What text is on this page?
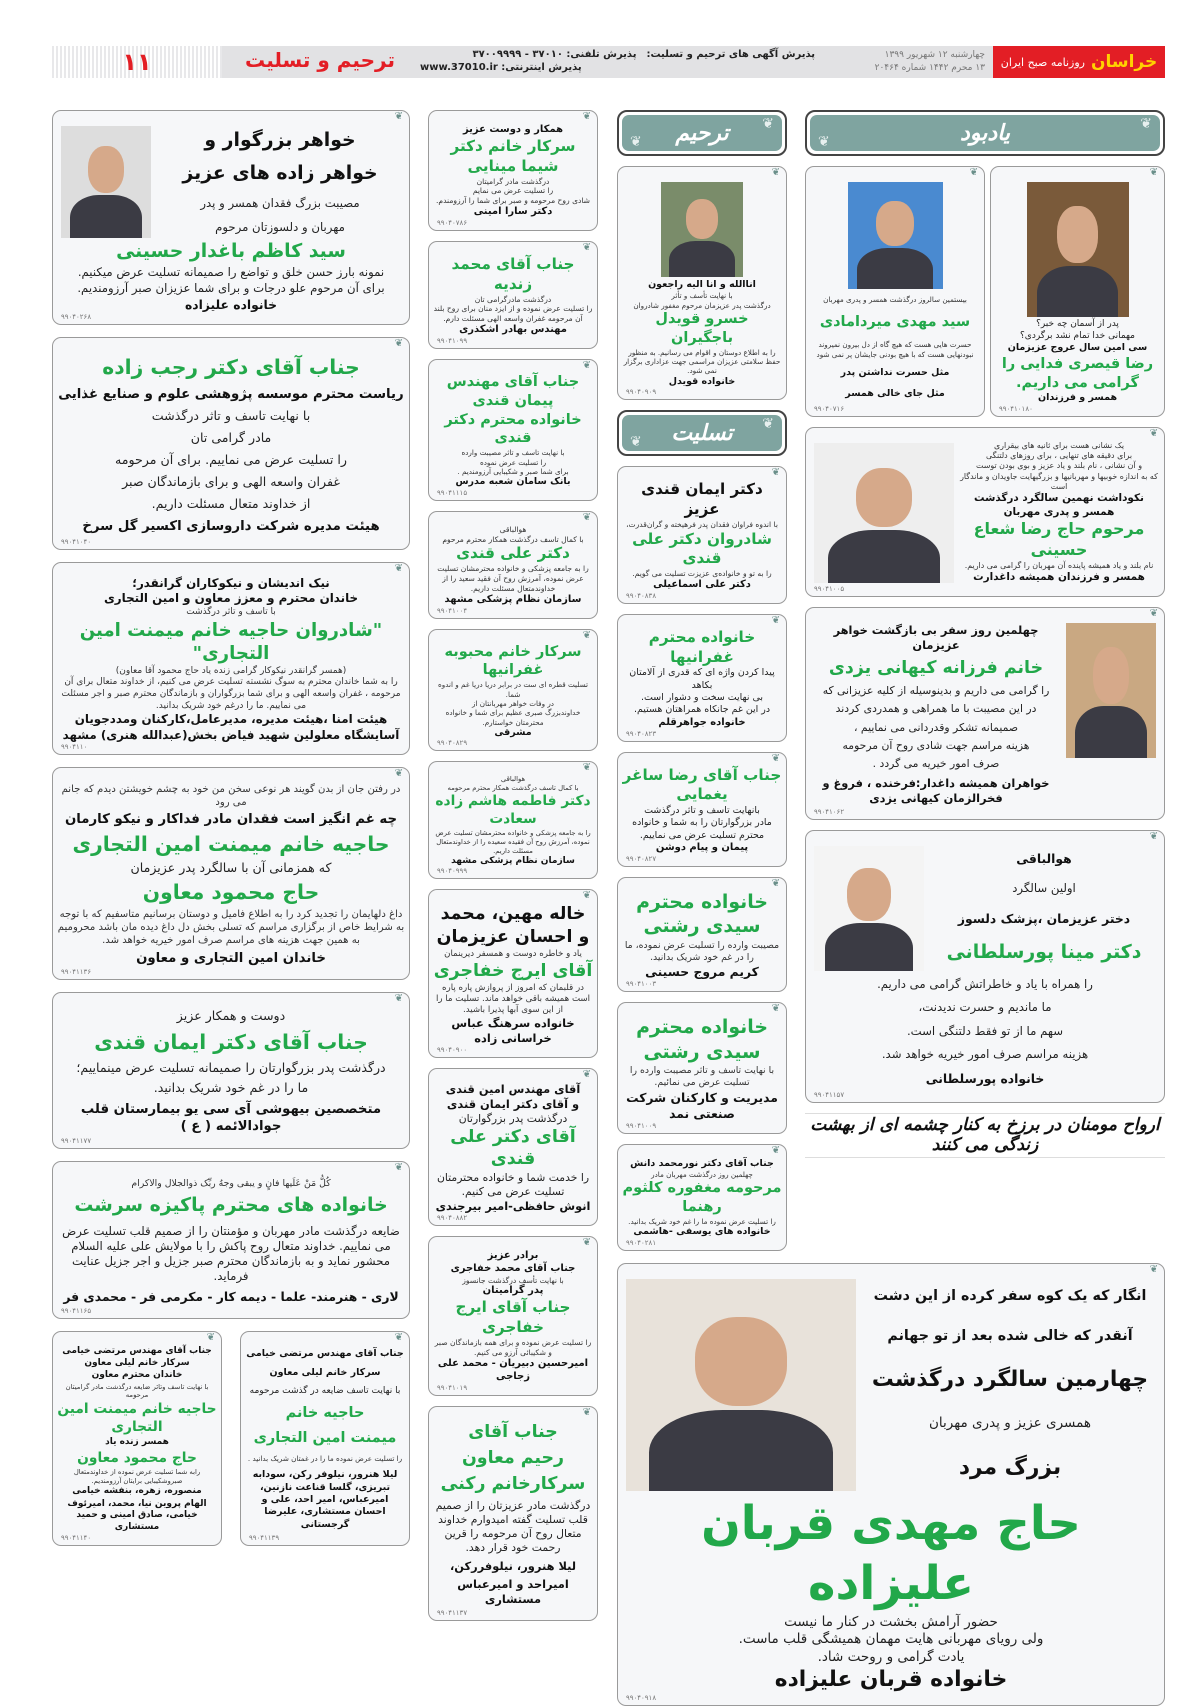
۱۱	ترحیم و تسلیت	پذیرش آگهی های ترحیم و تسلیت:
پذیرش تلفنی: ۳۷۰۱۰ - ۳۷۰۰۹۹۹۹
پذیرش اینترنتی: www.37010.ir
چهارشنبه ۱۲ شهریور ۱۳۹۹
۱۳ محرم ۱۴۴۲ شماره ۲۰۴۶۴	خراسان
روزنامه صبح ایران
خواهر بزرگوار و
خواهر زاده های عزیز
مصیبت بزرگ فقدان همسر و پدر
مهربان و دلسوزتان مرحوم
سید کاظم باغدار حسینی
نمونه بارز حسن خلق و تواضع را صمیمانه تسلیت عرض میکنیم.
برای آن مرحوم علو درجات و برای شما عزیزان صبر آرزومندیم.
خانواده علیزاده
❦
۹۹۰۴۰۲۶۸
جناب آقای دکتر رجب زاده
ریاست محترم موسسه پژوهشی علوم و صنایع غذایی
با نهایت تاسف و تاثر درگذشت
مادر گرامی تان
را تسلیت عرض می نماییم. برای آن مرحومه
غفران واسعه الهی و برای بازماندگان صبر
از خداوند متعال مسئلت داریم.
هیئت مدیره شرکت داروسازی اکسیر گل سرخ
❦
۹۹۰۴۱۰۴۰
نیک اندیشان و نیکوکاران گرانقدر؛
خاندان محترم و معزز معاون و امین التجاری
با تاسف و تاثر درگذشت
"شادروان حاجیه خانم میمنت امین التجاری"
(همسر گرانقدر نیکوکار گرامی زنده یاد حاج محمود آقا معاون)
را به شما خاندان محترم به سوگ نشسته تسلیت عرض می کنیم، از خداوند متعال برای آن مرحومه ، غفران واسعه الهی و برای شما بزرگواران و بازماندگان محترم صبر و اجر مسئلت می نماییم. ما را درغم خود شریک بدانید.
هیئت امنا ،هیئت مدیره، مدیرعامل،کارکنان ومددجویان
آسایشگاه معلولین شهید فیاض بخش(عبدالله هنری) مشهد
❦
۹۹۰۴۱۱۰
در رفتن جان از بدن گویند هر نوعی سخن من خود به چشم خویشتن دیدم که جانم می رود
چه غم انگیز است فقدان مادر فداکار و نیکو کارمان
حاجیه خانم میمنت امین التجاری
که همزمانی آن با سالگرد پدر عزیزمان
حاج محمود معاون
داغ دلهایمان را تجدید کرد را به اطلاع فامیل و دوستان برسانیم متاسفیم که با توجه به شرایط خاص از برگزاری مراسم که تسلی بخش دل داغ دیده مان باشد محرومیم به همین جهت هزینه های مراسم صرف امور خیریه خواهد شد.
خاندان امین التجاری و معاون
❦
۹۹۰۴۱۱۳۶
دوست و همکار عزیز
جناب آقای دکتر ایمان قندی
درگذشت پدر بزرگوارتان را صمیمانه تسلیت عرض مینماییم؛
ما را در غم خود شریک بدانید.
متخصصین بیهوشی آی سی یو بیمارستان قلب جوادالائمه ( ع )
❦
۹۹۰۴۱۱۷۷
کُلُّ مَنْ عَلَيها فانٍ و يبقى وجهُ ربِّک ذوالجلال والاکرام
خانواده های محترم پاکیزه سرشت
ضایعه درگذشت مادر مهربان و مؤمنتان را از صمیم قلب تسلیت عرض می نماییم. خداوند متعال روح پاکش را با مولایش علی علیه السلام محشور نماید و به بازماندگان محترم صبر جزیل و اجر جزیل عنایت فرماید.
لاری - هنرمند- علما - دیمه کار - مکرمی فر - محمدی فر
❦
۹۹۰۴۱۱۶۵
جناب آقای مهندس مرتضی خیامی
سرکار خانم لیلی معاون
خاندان محترم معاون
با نهایت تاسف وتاثر ضایعه درگذشت مادر گرامیتان مرحومه
حاجیه خانم میمنت امین التجاری
همسر زنده یاد
حاج محمود معاون
رابه شما تسلیت عرض نموده از خداوندمتعال صبروشکیبایی برایتان آرزومندیم.
منصوره، زهره، بنفشه خیامی
الهام پروین نیا، محمد، امیرئوف خیامی، صادق امینی و حمید مستشاری
❦
۹۹۰۴۱۱۴۰
جناب آقای مهندس مرتضی خیامی
سرکار خانم لیلی معاون
با نهایت تاسف ضایعه در گذشت مرحومه
حاجیه خانم
میمنت امین التجاری
را تسلیت عرض نموده ما را در غمتان شریک بدانید .
لیلا هنرور، نیلوفر رکن، سودابه تبریزی، گلسا قناعت نازنین، امیرعباس، امیر احد، علی و احسان مستشاری، علیرضا گرجستانی
❦
۹۹۰۴۱۱۳۹
همکار و دوست عزیز
سرکار خانم دکتر شیما مینایی
درگذشت مادر گرامیتان
را تسلیت عرض می نمایم
شادی روح مرحومه و صبر برای شما را آرزومندم.
دکتر سارا امینی
❦
۹۹۰۴۰۷۸۶
جناب آقای محمد زندیه
درگذشت مادرگرامی تان
را تسلیت عرض نموده و از ایزد منان برای روح بلند آن مرحومه غفران واسعه الهی مسئلت دارم.
مهندس بهادر اشکذری
❦
۹۹۰۴۱۰۹۹
جناب آقای مهندس پیمان قندی
خانواده محترم دکتر قندی
با نهایت تاسف و تاثر مصیبت وارده
را تسلیت عرض نموده
برای شما صبر و شکیبایی آرزومندیم .
بانک سامان شعبه مدرس
❦
۹۹۰۴۱۱۱۵
هوالباقی
با کمال تاسف درگذشت همکار محترم مرحوم
دکتر علی قندی
را به جامعه پزشکی و خانواده محترمشان تسلیت عرض نموده، آمرزش روح آن فقید سعید را از خداوندمتعال مسئلت داریم.
سازمان نظام پزشکی مشهد
❦
۹۹۰۴۱۰۰۴
سرکار خانم محبوبه غفرانیها
تسلیت قطره ای ست در برابر دریا دریا غم و اندوه شما.
در وفات خواهر مهربانتان از
خداوندبزرگ صبری عظیم برای شما و خانواده محترمتان خواستارم.
مشرقی
❦
۹۹۰۴۰۸۲۹
هوالباقی
با کمال تاسف درگذشت همکار محترم مرحومه
دکتر فاطمه هاشم زاده سعادت
را به جامعه پزشکی و خانواده محترمشان تسلیت عرض نموده، آمرزش روح آن فقیده سعیده را از خداوندمتعال مسئلت داریم.
سازمان نظام پزشکی مشهد
❦
۹۹۰۴۰۹۹۹
خاله مهین، محمد
و احسان عزیزمان
یاد و خاطره دوست و همسفر دیرینمان
آقای ایرج خفاجری
در قلبمان که امروز از پروازش پاره پاره است همیشه باقی خواهد ماند. تسلیت ما را از این سوی آبها پذیرا باشید.
خانواده سرهنگ عباس خراسانی زاده
❦
۹۹۰۴۰۹۰۰
آقای مهندس امین قندی
و آقای دکتر ایمان قندی
درگذشت پدر بزرگوارتان
آقای دکتر علی قندی
را خدمت شما و خانواده محترمتان
تسلیت عرض می کنیم.
انوش حافظی-امیر بیرجندی
❦
۹۹۰۴۰۸۸۲
برادر عزیز
جناب آقای محمد خفاجری
با نهایت تأسف درگذشت جانسوز
پدر گرامیتان
جناب آقای ایرج خفاجری
را تسلیت عرض نموده و برای همه بازماندگان صبر و شکیبائی آرزو می کنیم.
امیرحسین دبیریان - محمد علی زجاجی
❦
۹۹۰۴۱۰۱۹
جناب آقای
رحیم معاون
سرکارخانم رکنی
درگذشت مادر عزیزتان را از صمیم قلب تسلیت گفته امیدوارم خداوند متعال روح آن مرحومه را قرین رحمت خود قرار دهد.
لیلا هنرور، نیلوفررکن،
امیراحد و امیرعباس مستشاری
❦
۹۹۰۴۱۱۳۷
❦
ترحیم
❦
اناالله و انا الیه راجعون
با نهایت تأسف و تأثر
درگذشت پدر عزیزمان مرحوم مغفور شادروان
خسرو قویدل باجگیران
را به اطلاع دوستان و اقوام می رسانیم. به منظور حفظ سلامتی عزیزان مراسمی جهت عزاداری برگزار نمی شود.
خانواده قویدل
❦
۹۹۰۴۰۹۰۹
❦
تسلیت
❦
دکتر ایمان قندی عزیز
با اندوه فراوان فقدان پدر فرهیخته و گران‌قدرت،
شادروان دکتر علی قندی
را به تو و خانواده‌ی عزیزت تسلیت می گویم.
دکتر علی اسماعیلی
❦
۹۹۰۴۰۸۳۸
خانواده محترم غفرانیها
پیدا کردن واژه ای که قدری از آلامتان بکاهد
بی نهایت سخت و دشوار است.
در این غم جانکاه همراهتان هستیم.
خانواده جواهرقلم
❦
۹۹۰۴۰۸۲۳
جناب آقای رضا ساغر یغمایی
بانهایت تاسف و تاثر درگذشت
مادر بزرگوارتان را به شما و خانواده
محترم تسلیت عرض می نماییم.
پیمان و پیام دوشن
❦
۹۹۰۴۰۸۲۷
خانواده محترم
سیدی رشتی
مصیبت وارده را تسلیت عرض نموده، ما را در غم خود شریک بدانید.
کریم مروج حسینی
❦
۹۹۰۴۱۰۰۳
خانواده محترم
سیدی رشتی
با نهایت تاسف و تاثر مصیبت وارده را تسلیت عرض می نمائیم.
مدیریت و کارکنان شرکت صنعتی نمد
❦
۹۹۰۴۱۰۰۹
جناب آقای دکتر نورمحمد دانش
چهلمین روز درگذشت مهربان مادر
مرحومه مغفوره کلثوم رهنما
را تسلیت عرض نموده ما را غم خود شریک بدانید.
خانواده های یوسفی -هاشمی
❦
۹۹۰۴۰۲۸۱
❦
یادبود
❦
بیستمین سالروز درگذشت همسر و پدری مهربان
سید مهدی میردامادی
حسرت هایی هست که هیچ گاه از دل بیرون نمیروند نبودنهایی هست که با هیچ بودنی جایشان پر نمی شود
مثل حسرت نداشتن پدر
مثل جای خالی همسر
❦
۹۹۰۴۰۷۱۶
پدر از آسمان چه خبر؟
مهمانی خدا تمام نشد برگردی؟
سی امین سال عروج عزیزمان
رضا قیصری فدایی را گرامی می داریم.
همسر و فرزندان
❦
۹۹۰۴۱۰۱۸۰
یک نشانی هست برای ثانیه های بیقراری
برای دقیقه های تنهایی ، برای روزهای دلتنگی
و آن نشانی ، نام بلند و یاد عزیز و بوی بودن توست
که به اندازه خوبیها و مهربانیها و بزرگیهایت جاویدان و ماندگار است
نکوداشت نهمین سالگرد درگذشت همسر و پدری مهربان
مرحوم حاج رضا شعاع حسینی
نام بلند و یاد همیشه پاینده آن مهربان را گرامی می داریم.
همسر و فرزندان همیشه داغدارت
❦
۹۹۰۴۱۰۰۵
چهلمین روز سفر بی بازگشت خواهر عزیزمان
خانم فرزانه کیهانی یزدی
را گرامی می داریم و بدینوسیله از کلیه عزیزانی که
در این مصیبت با ما همراهی و همدردی کردند
صمیمانه تشکر وقدردانی می نماییم ،
هزینه مراسم جهت شادی روح آن مرحومه
صرف امور خیریه می گردد .
خواهران همیشه داغدار:فرخنده ، فروغ و فخرالزمان کیهانی یزدی
❦
۹۹۰۴۱۰۶۲
هوالباقی
اولین سالگرد
دختر عزیزمان ،پزشک دلسوز
دکتر مینا پورسلطانی
را همراه با یاد و خاطراتش گرامی می داریم.
ما ماندیم و حسرت ندیدنت،
سهم ما از تو فقط دلتنگی است.
هزینه مراسم صرف امور خیریه خواهد شد.
خانواده پورسلطانی
❦
۹۹۰۴۱۱۵۷
ارواح مومنان در برزخ به کنار چشمه ای از بهشت زندگی می کنند
انگار که یک کوه سفر کرده از این دشت
آنقدر که خالی شده بعد از تو جهانم
چهارمین سالگرد درگذشت
همسری عزیز و پدری مهربان
بزرگ مرد
حاج مهدی قربان علیزاده
حضور آرامش بخشت در کنار ما نیست
ولی رویای مهربانی هایت مهمان همیشگی قلب ماست.
یادت گرامی و روحت شاد.
خانواده قربان علیزاده
❦
۹۹۰۴۰۹۱۸
